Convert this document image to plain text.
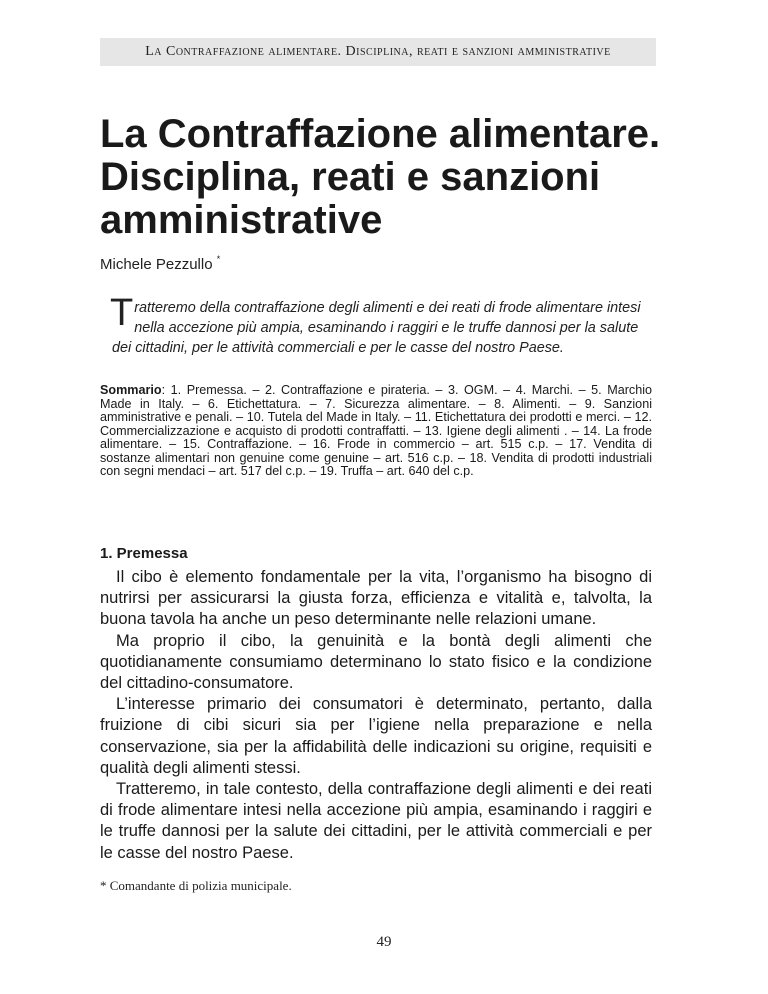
La Contraffazione alimentare. Disciplina, reati e sanzioni amministrative
La Contraffazione alimentare.
Disciplina, reati e sanzioni
amministrative
Michele Pezzullo *

Tratteremo della contraffazione degli alimenti e dei reati di frode alimentare intesi nella accezione più ampia, esaminando i raggiri e le truffe dannosi per la salute dei cittadini, per le attività commerciali e per le casse del nostro Paese.

Sommario: 1. Premessa. – 2. Contraffazione e pirateria. – 3. OGM. – 4. Marchi. – 5. Marchio Made in Italy. – 6. Etichettatura. – 7. Sicurezza alimentare. – 8. Alimenti. – 9. Sanzioni amministrative e penali. – 10. Tutela del Made in Italy. – 11. Etichettatura dei prodotti e merci. – 12. Commercializzazione e acquisto di prodotti contraffatti. – 13. Igiene degli alimenti . – 14. La frode alimentare. – 15. Contraffazione. – 16. Frode in commercio – art. 515 c.p. – 17. Vendita di sostanze alimentari non genuine come genuine – art. 516 c.p. – 18. Vendita di prodotti industriali con segni mendaci – art. 517 del c.p. – 19. Truffa – art. 640 del c.p.

1. Premessa

Il cibo è elemento fondamentale per la vita, l’organismo ha bisogno di nutrirsi per assicurarsi la giusta forza, efficienza e vitalità e, talvolta, la buona tavola ha anche un peso determinante nelle relazioni umane.

Ma proprio il cibo, la genuinità e la bontà degli alimenti che quotidianamente consumiamo determinano lo stato fisico e la condizione del cittadino-consumatore.

L’interesse primario dei consumatori è determinato, pertanto, dalla fruizione di cibi sicuri sia per l’igiene nella preparazione e nella conservazione, sia per la affidabilità delle indicazioni su origine, requisiti e qualità degli alimenti stessi.

Tratteremo, in tale contesto, della contraffazione degli alimenti e dei reati di frode alimentare intesi nella accezione più ampia, esaminando i raggiri e le truffe dannosi per la salute dei cittadini, per le attività commerciali e per le casse del nostro Paese.

* Comandante di polizia municipale.
49
